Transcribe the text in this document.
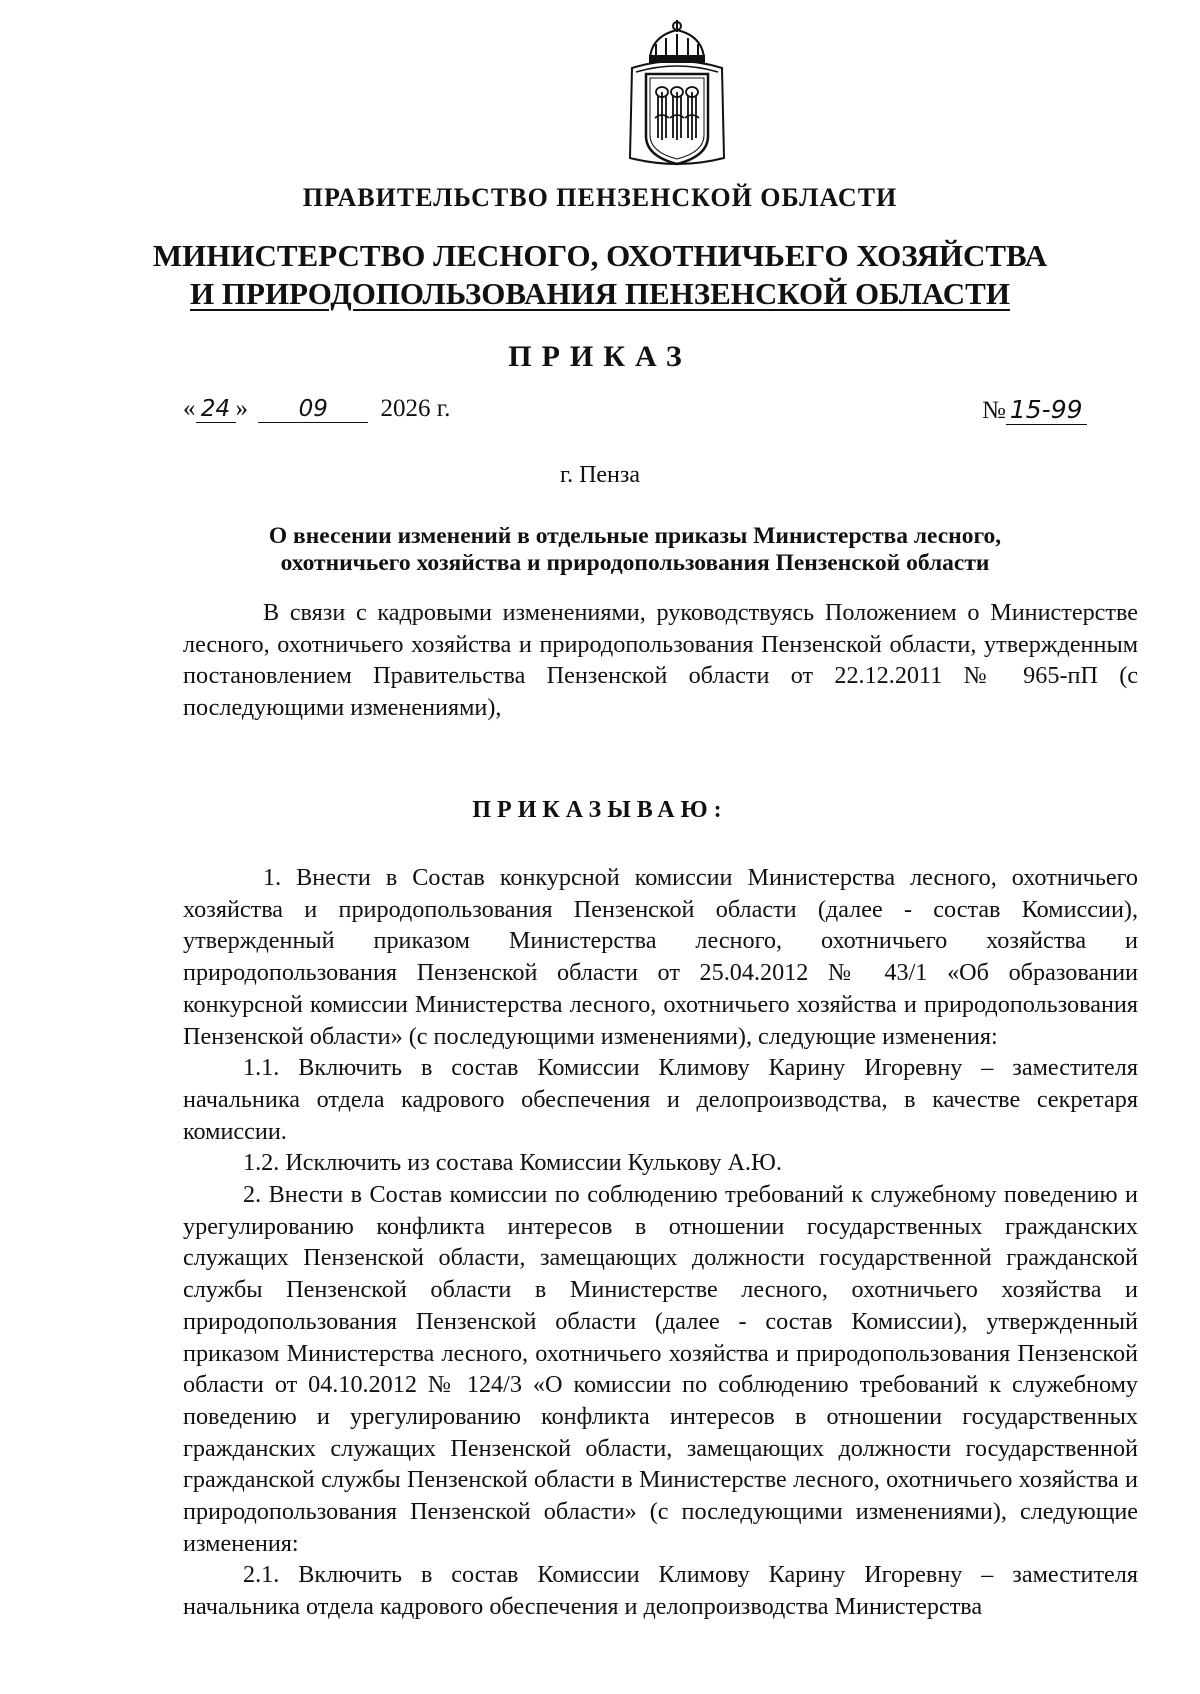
ПРАВИТЕЛЬСТВО ПЕНЗЕНСКОЙ ОБЛАСТИ
МИНИСТЕРСТВО ЛЕСНОГО, ОХОТНИЧЬЕГО ХОЗЯЙСТВА
И ПРИРОДОПОЛЬЗОВАНИЯ ПЕНЗЕНСКОЙ ОБЛАСТИ
ПРИКАЗ
« 24 » 09 2026 г.	№ 15-99
г. Пенза
О внесении изменений в отдельные приказы Министерства лесного,
охотничьего хозяйства и природопользования Пензенской области
В связи с кадровыми изменениями, руководствуясь Положением о Министерстве лесного, охотничьего хозяйства и природопользования Пензенской области, утвержденным постановлением Правительства Пензенской области от 22.12.2011 № 965-пП (с последующими изменениями),
ПРИКАЗЫВАЮ:

1. Внести в Состав конкурсной комиссии Министерства лесного, охотничьего хозяйства и природопользования Пензенской области (далее - состав Комиссии), утвержденный приказом Министерства лесного, охотничьего хозяйства и природопользования Пензенской области от 25.04.2012 № 43/1 «Об образовании конкурсной комиссии Министерства лесного, охотничьего хозяйства и природопользования Пензенской области» (с последующими изменениями), следующие изменения:

1.1. Включить в состав Комиссии Климову Карину Игоревну – заместителя начальника отдела кадрового обеспечения и делопроизводства, в качестве секретаря комиссии.

1.2. Исключить из состава Комиссии Кулькову А.Ю.

2. Внести в Состав комиссии по соблюдению требований к служебному поведению и урегулированию конфликта интересов в отношении государственных гражданских служащих Пензенской области, замещающих должности государственной гражданской службы Пензенской области в Министерстве лесного, охотничьего хозяйства и природопользования Пензенской области (далее - состав Комиссии), утвержденный приказом Министерства лесного, охотничьего хозяйства и природопользования Пензенской области от 04.10.2012 № 124/3 «О комиссии по соблюдению требований к служебному поведению и урегулированию конфликта интересов в отношении государственных гражданских служащих Пензенской области, замещающих должности государственной гражданской службы Пензенской области в Министерстве лесного, охотничьего хозяйства и природопользования Пензенской области» (с последующими изменениями), следующие изменения:

2.1. Включить в состав Комиссии Климову Карину Игоревну – заместителя начальника отдела кадрового обеспечения и делопроизводства Министерства
